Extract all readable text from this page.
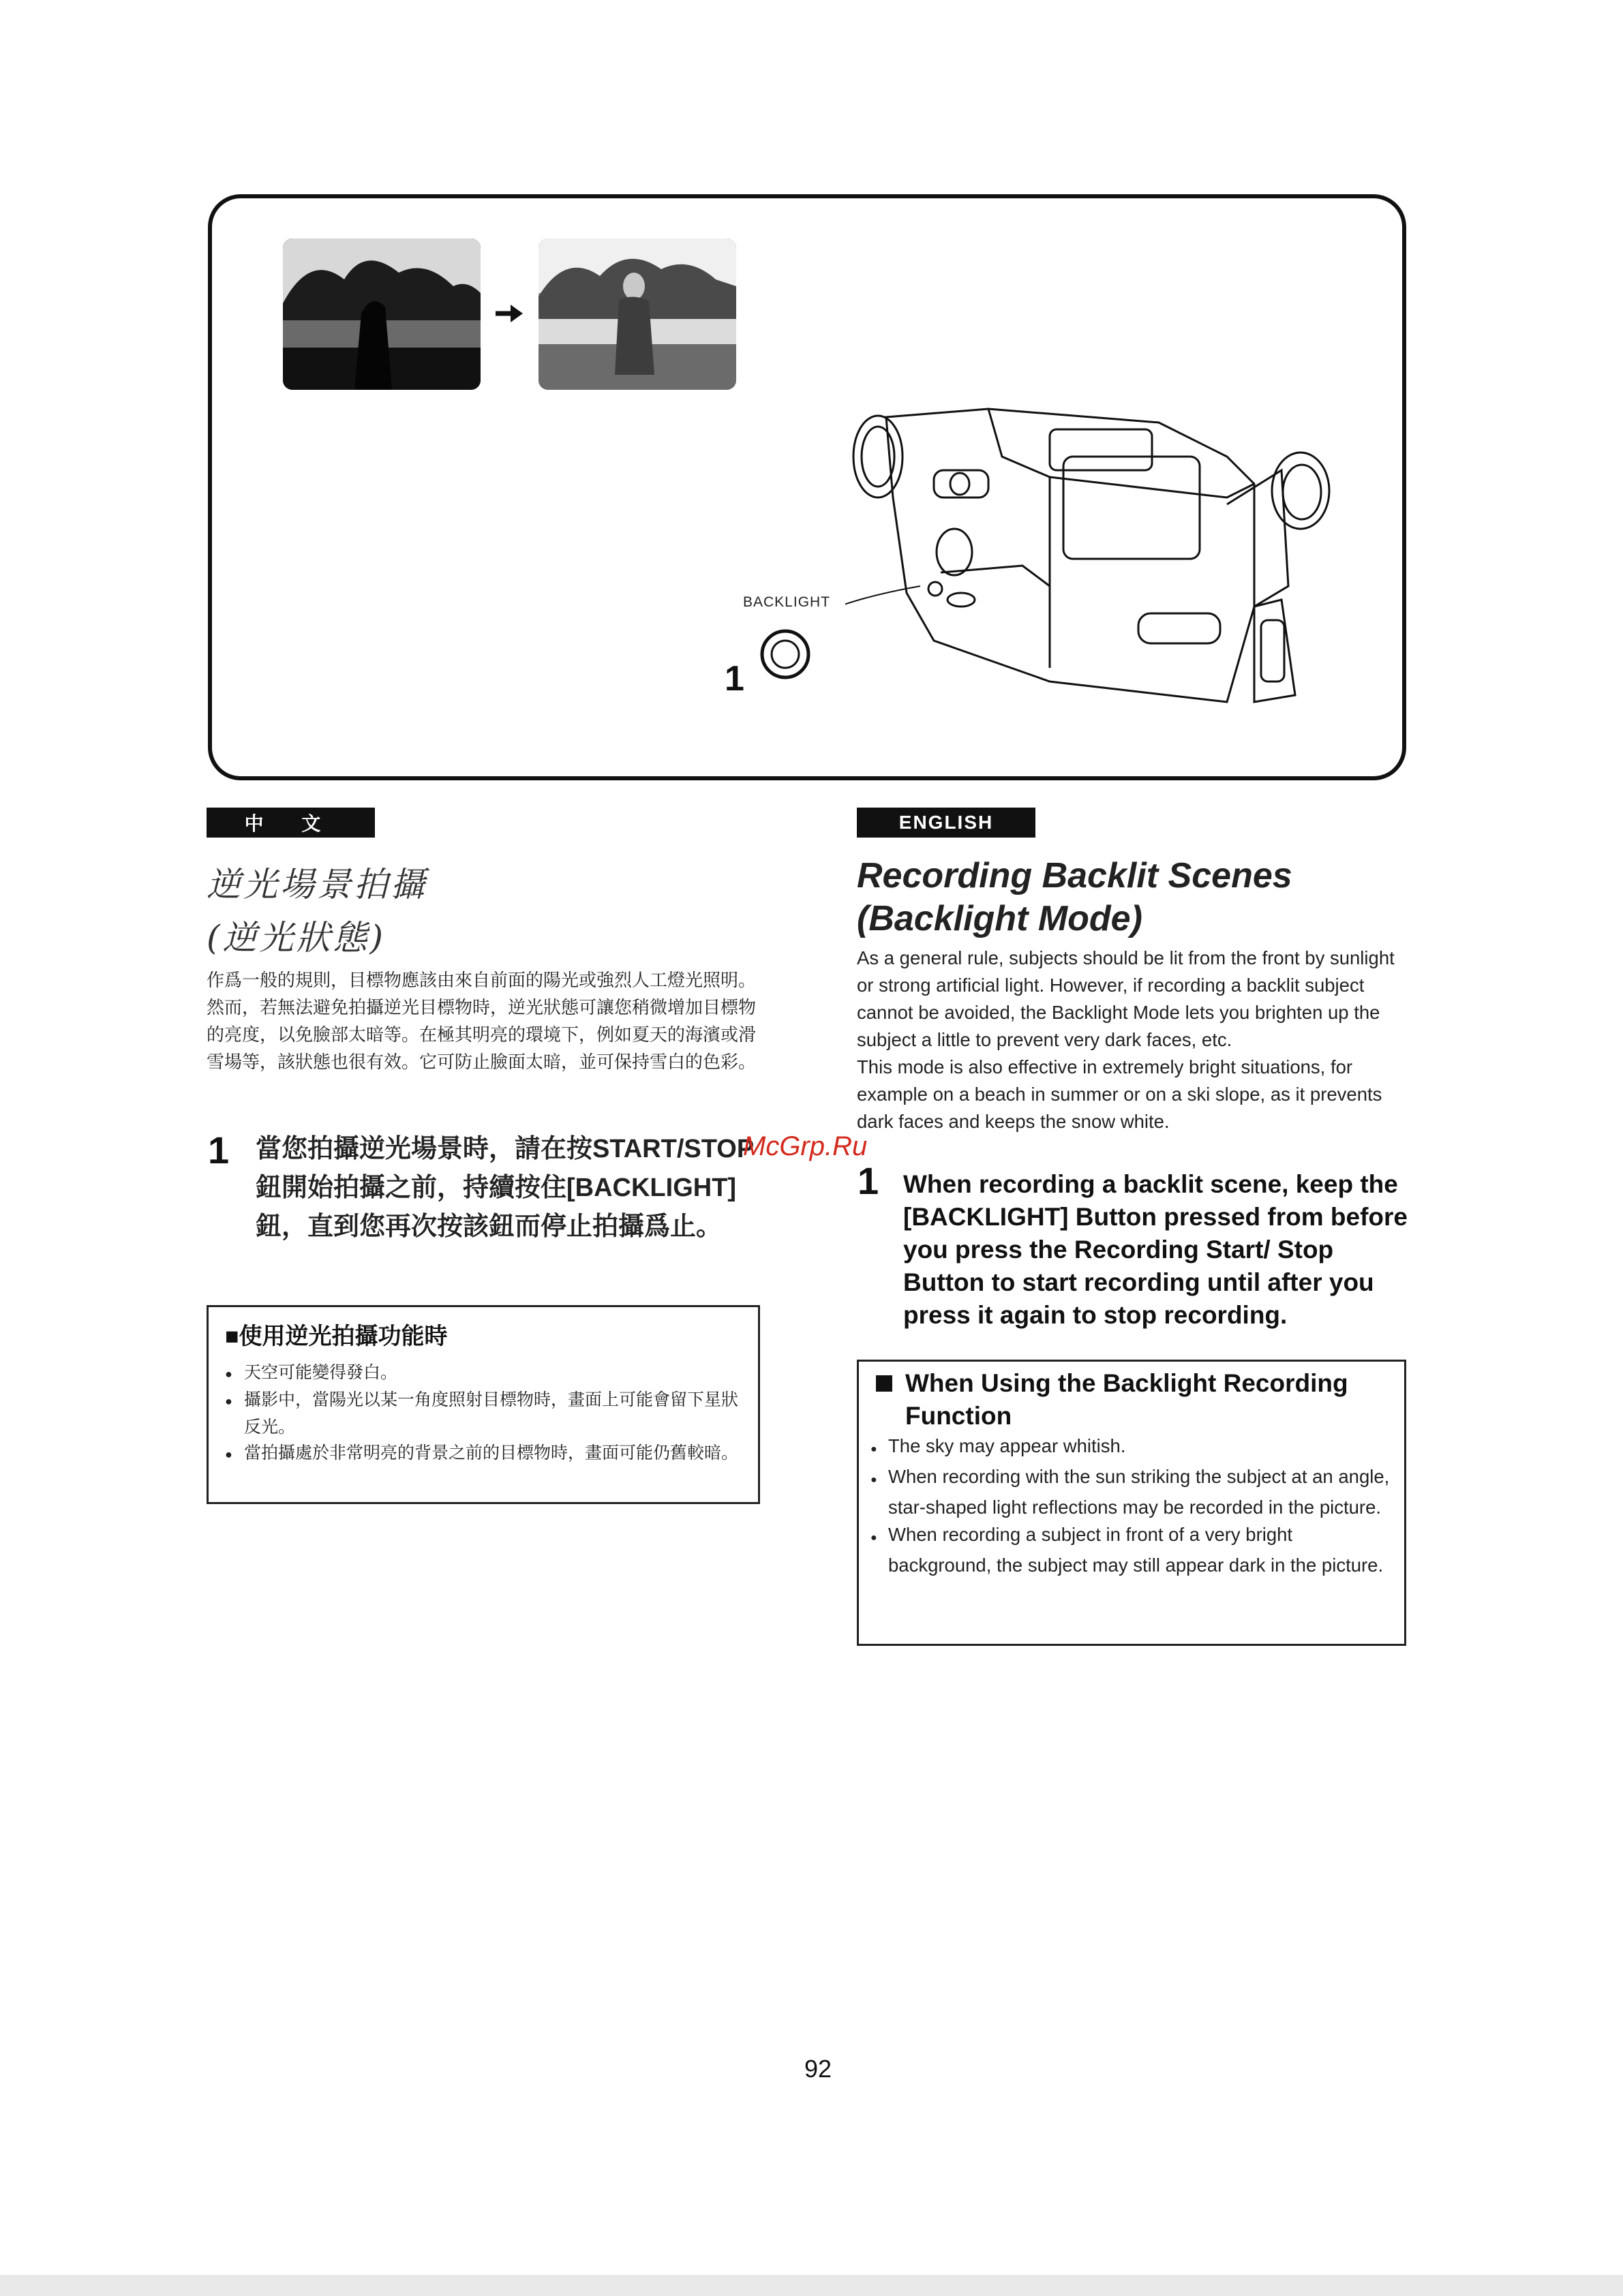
BACKLIGHT
1
中 文
逆光場景拍攝
(逆光狀態)
作爲一般的規則，目標物應該由來自前面的陽光或強烈人工燈光照明。然而，若無法避免拍攝逆光目標物時，逆光狀態可讓您稍微增加目標物的亮度，以免臉部太暗等。在極其明亮的環境下，例如夏天的海濱或滑雪場等，該狀態也很有效。它可防止臉面太暗，並可保持雪白的色彩。
1 當您拍攝逆光場景時，請在按START/STOP鈕開始拍攝之前，持續按住[BACKLIGHT]鈕，直到您再次按該鈕而停止拍攝爲止。
■使用逆光拍攝功能時
● 天空可能變得發白。
● 攝影中，當陽光以某一角度照射目標物時，畫面上可能會留下星狀反光。
● 當拍攝處於非常明亮的背景之前的目標物時，畫面可能仍舊較暗。
ENGLISH
Recording Backlit Scenes
(Backlight Mode)

As a general rule, subjects should be lit from the front by sunlight or strong artificial light. However, if recording a backlit subject cannot be avoided, the Backlight Mode lets you brighten up the subject a little to prevent very dark faces, etc.

This mode is also effective in extremely bright situations, for example on a beach in summer or on a ski slope, as it prevents dark faces and keeps the snow white.

1 When recording a backlit scene, keep the [BACKLIGHT] Button pressed from before you press the Recording Start/ Stop Button to start recording until after you press it again to stop recording.
When Using the Backlight Recording Function
● The sky may appear whitish.
● When recording with the sun striking the subject at an angle, star-shaped light reflections may be recorded in the picture.
● When recording a subject in front of a very bright background, the subject may still appear dark in the picture.
McGrp.Ru
92
